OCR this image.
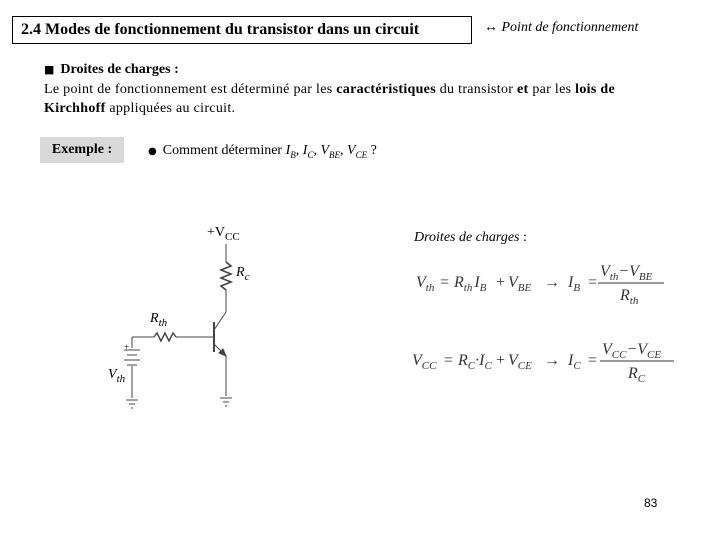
2.4 Modes de fonctionnement du transistor dans un circuit	↔ Point de fonctionnement
■ Droites de charges :
Le point de fonctionnement est déterminé par les caractéristiques du transistor et par les lois de Kirchhoff appliquées au circuit.
Exemple :	● Comment déterminer $I_B$, $I_C$, $V_{BE}$, $V_{CE}$ ?
Droites de charges :
$+V_{CC}$
$R_c$
$R_{th}$
+
$V_{th}$
$V_{th} = R_{th}$ $I_B + V_{BE} \to I_B$ =
$V_{th}-V_{BE}$
$R_{th}$
$V_{CC} = R_C\cdot I_C + V_{CE} \to I_C$ =
$V_{CC}-V_{CE}$
$R_C$
83
